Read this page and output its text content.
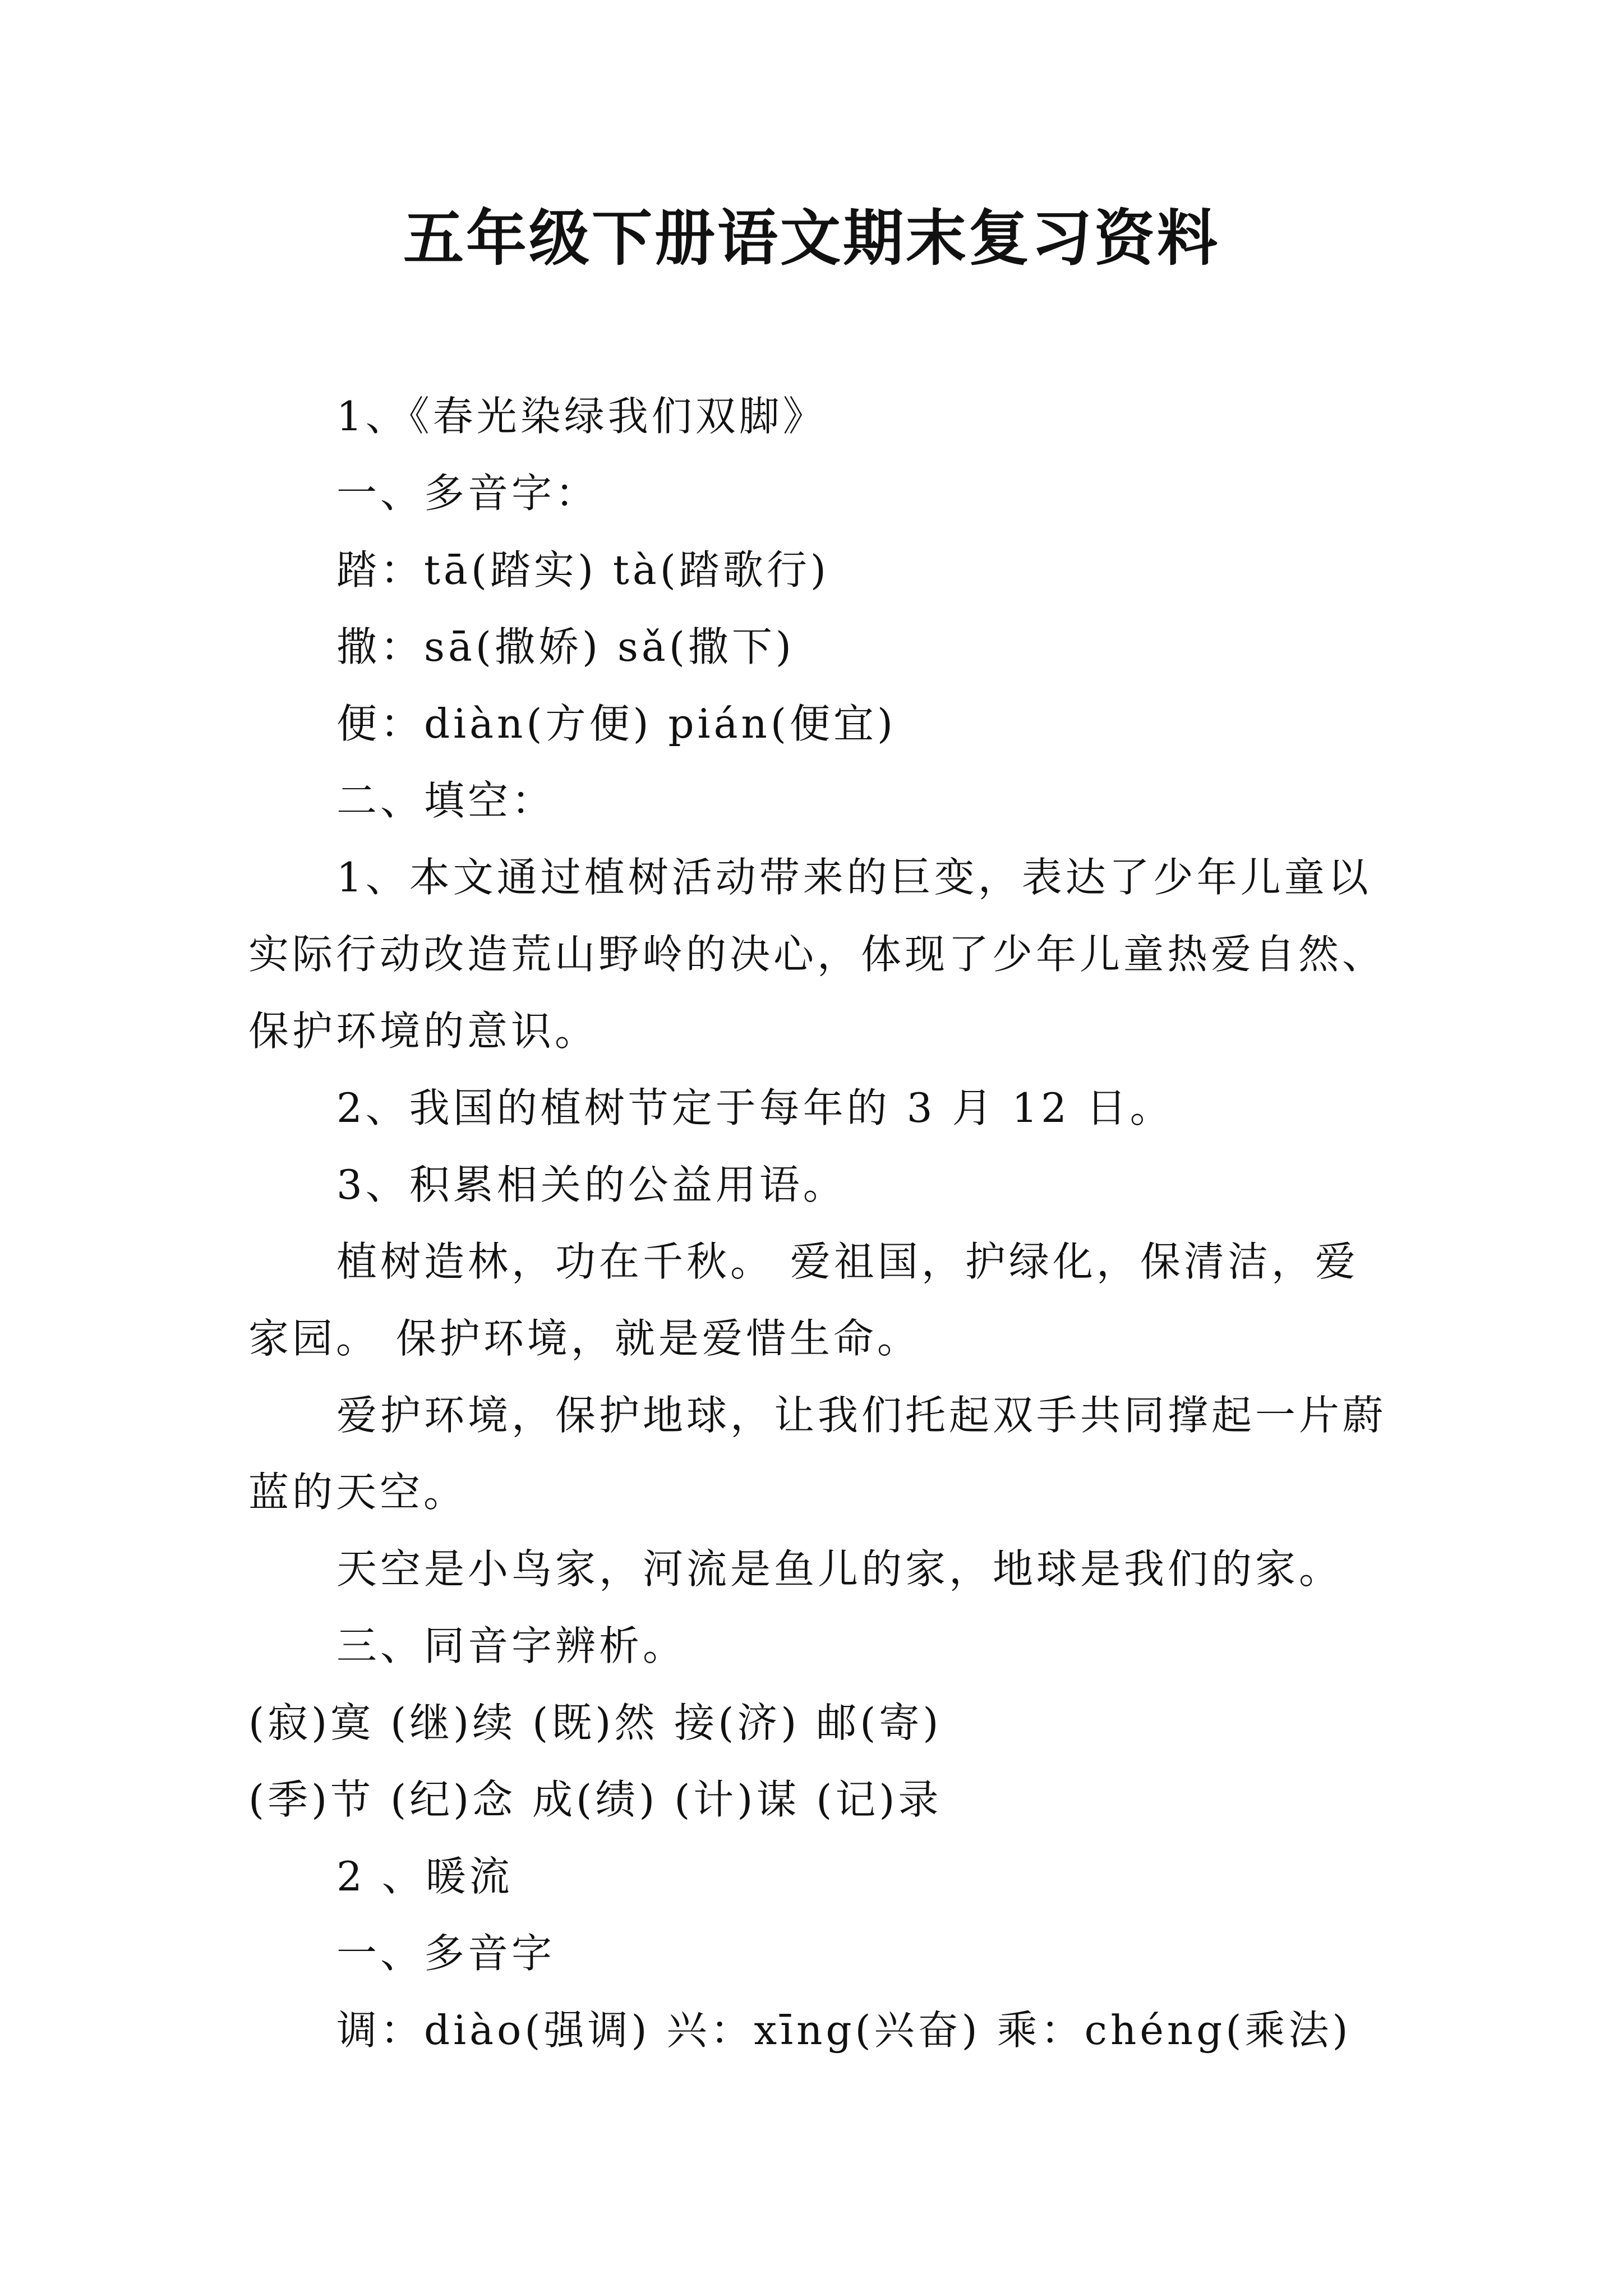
五年级下册语文期末复习资料
1、《春光染绿我们双脚》
一、多音字：
踏：tā(踏实) tà(踏歌行)
撒：sā(撒娇) sǎ(撒下)
便：diàn(方便) pián(便宜)
二、填空：
1、本文通过植树活动带来的巨变，表达了少年儿童以
实际行动改造荒山野岭的决心，体现了少年儿童热爱自然、
保护环境的意识。
2、我国的植树节定于每年的 3 月 12 日。
3、积累相关的公益用语。
植树造林，功在千秋。 爱祖国，护绿化，保清洁，爱
家园。 保护环境，就是爱惜生命。
爱护环境，保护地球，让我们托起双手共同撑起一片蔚
蓝的天空。
天空是小鸟家，河流是鱼儿的家，地球是我们的家。
三、同音字辨析。
(寂)寞 (继)续 (既)然 接(济) 邮(寄)
(季)节 (纪)念 成(绩) (计)谋 (记)录
2 、暖流
一、多音字
调：diào(强调) 兴：xīng(兴奋) 乘：chéng(乘法)
